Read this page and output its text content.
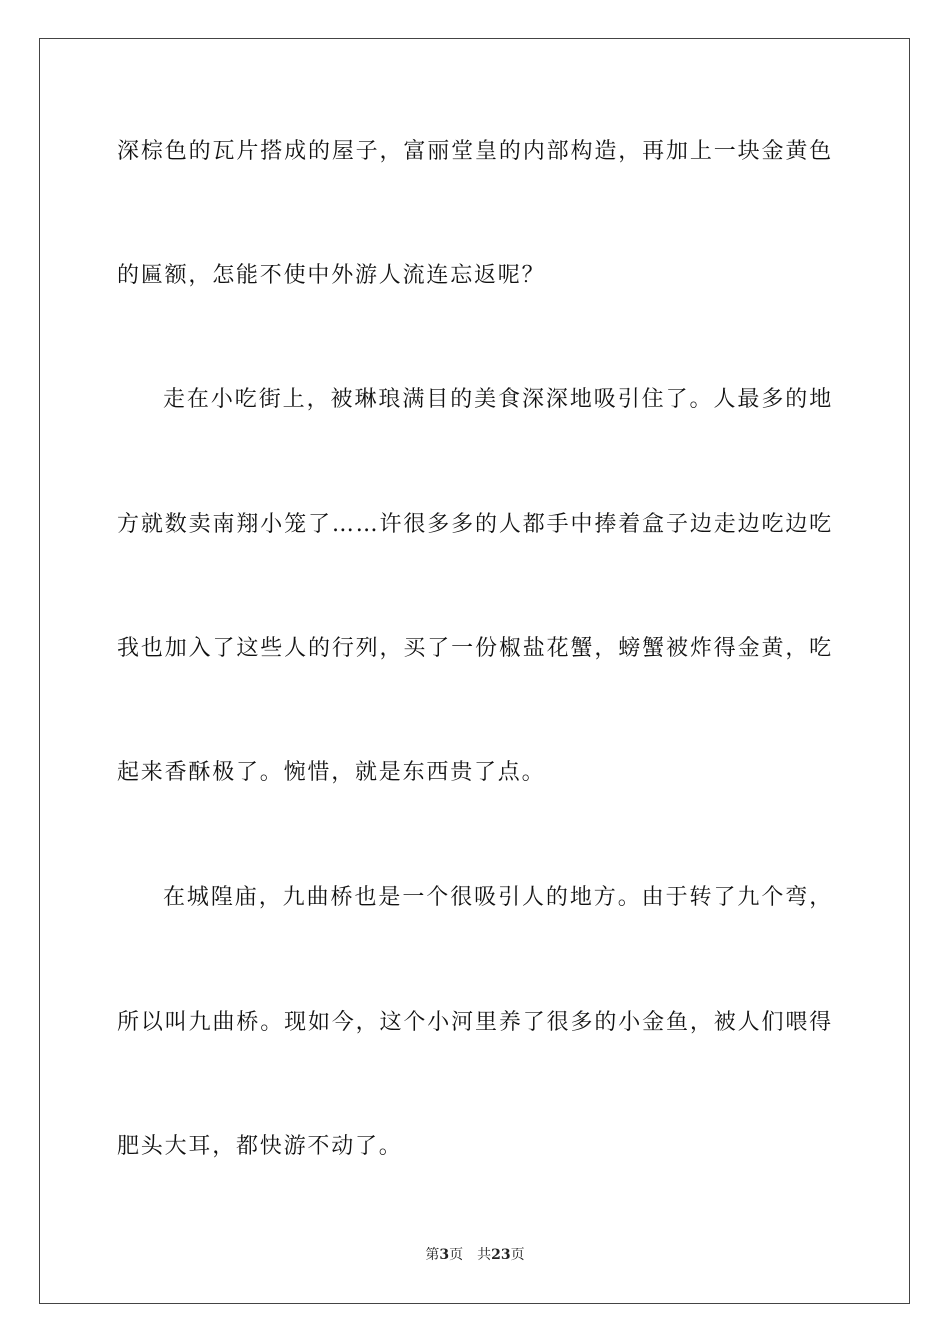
深棕色的瓦片搭成的屋子，富丽堂皇的内部构造，再加上一块金黄色
的匾额，怎能不使中外游人流连忘返呢？
走在小吃街上，被琳琅满目的美食深深地吸引住了。人最多的地
方就数卖南翔小笼了……许很多多的人都手中捧着盒子边走边吃边吃
我也加入了这些人的行列，买了一份椒盐花蟹，螃蟹被炸得金黄，吃
起来香酥极了。惋惜，就是东西贵了点。
在城隍庙，九曲桥也是一个很吸引人的地方。由于转了九个弯，
所以叫九曲桥。现如今，这个小河里养了很多的小金鱼，被人们喂得
肥头大耳，都快游不动了。
第3页 共23页
